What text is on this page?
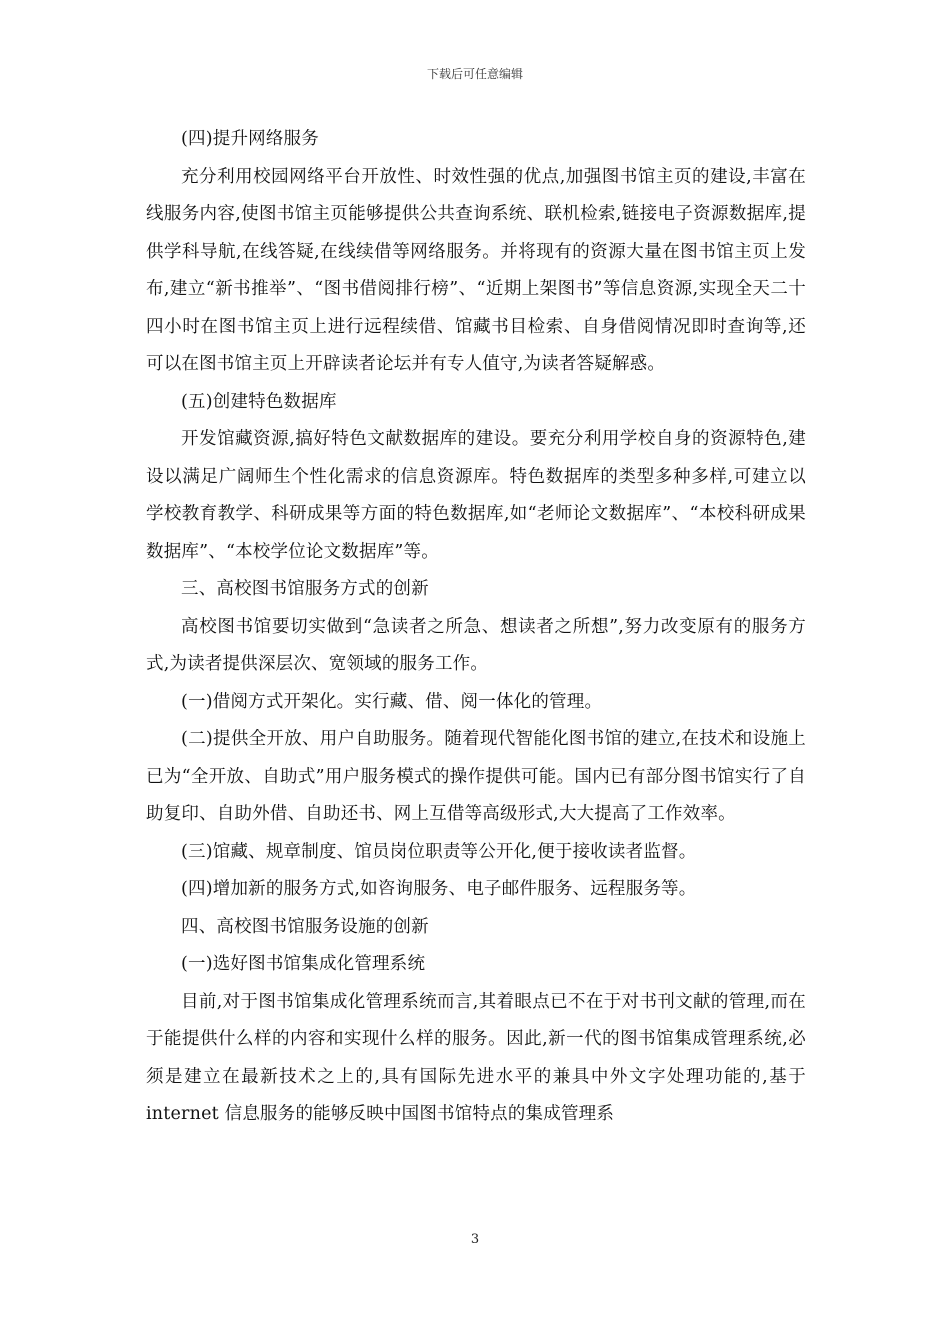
下载后可任意编辑

(四)提升网络服务

充分利用校园网络平台开放性、时效性强的优点,加强图书馆主页的建设,丰富在线服务内容,使图书馆主页能够提供公共查询系统、联机检索,链接电子资源数据库,提供学科导航,在线答疑,在线续借等网络服务。并将现有的资源大量在图书馆主页上发布,建立“新书推举”、“图书借阅排行榜”、“近期上架图书”等信息资源,实现全天二十四小时在图书馆主页上进行远程续借、馆藏书目检索、自身借阅情况即时查询等,还可以在图书馆主页上开辟读者论坛并有专人值守,为读者答疑解惑。

(五)创建特色数据库

开发馆藏资源,搞好特色文献数据库的建设。要充分利用学校自身的资源特色,建设以满足广阔师生个性化需求的信息资源库。特色数据库的类型多种多样,可建立以学校教育教学、科研成果等方面的特色数据库,如“老师论文数据库”、“本校科研成果数据库”、“本校学位论文数据库”等。

三、高校图书馆服务方式的创新

高校图书馆要切实做到“急读者之所急、想读者之所想”,努力改变原有的服务方式,为读者提供深层次、宽领域的服务工作。

(一)借阅方式开架化。实行藏、借、阅一体化的管理。

(二)提供全开放、用户自助服务。随着现代智能化图书馆的建立,在技术和设施上已为“全开放、自助式”用户服务模式的操作提供可能。国内已有部分图书馆实行了自助复印、自助外借、自助还书、网上互借等高级形式,大大提高了工作效率。

(三)馆藏、规章制度、馆员岗位职责等公开化,便于接收读者监督。

(四)增加新的服务方式,如咨询服务、电子邮件服务、远程服务等。

四、高校图书馆服务设施的创新

(一)选好图书馆集成化管理系统

目前,对于图书馆集成化管理系统而言,其着眼点已不在于对书刊文献的管理,而在于能提供什么样的内容和实现什么样的服务。因此,新一代的图书馆集成管理系统,必须是建立在最新技术之上的,具有国际先进水平的兼具中外文字处理功能的,基于 internet 信息服务的能够反映中国图书馆特点的集成管理系

3
